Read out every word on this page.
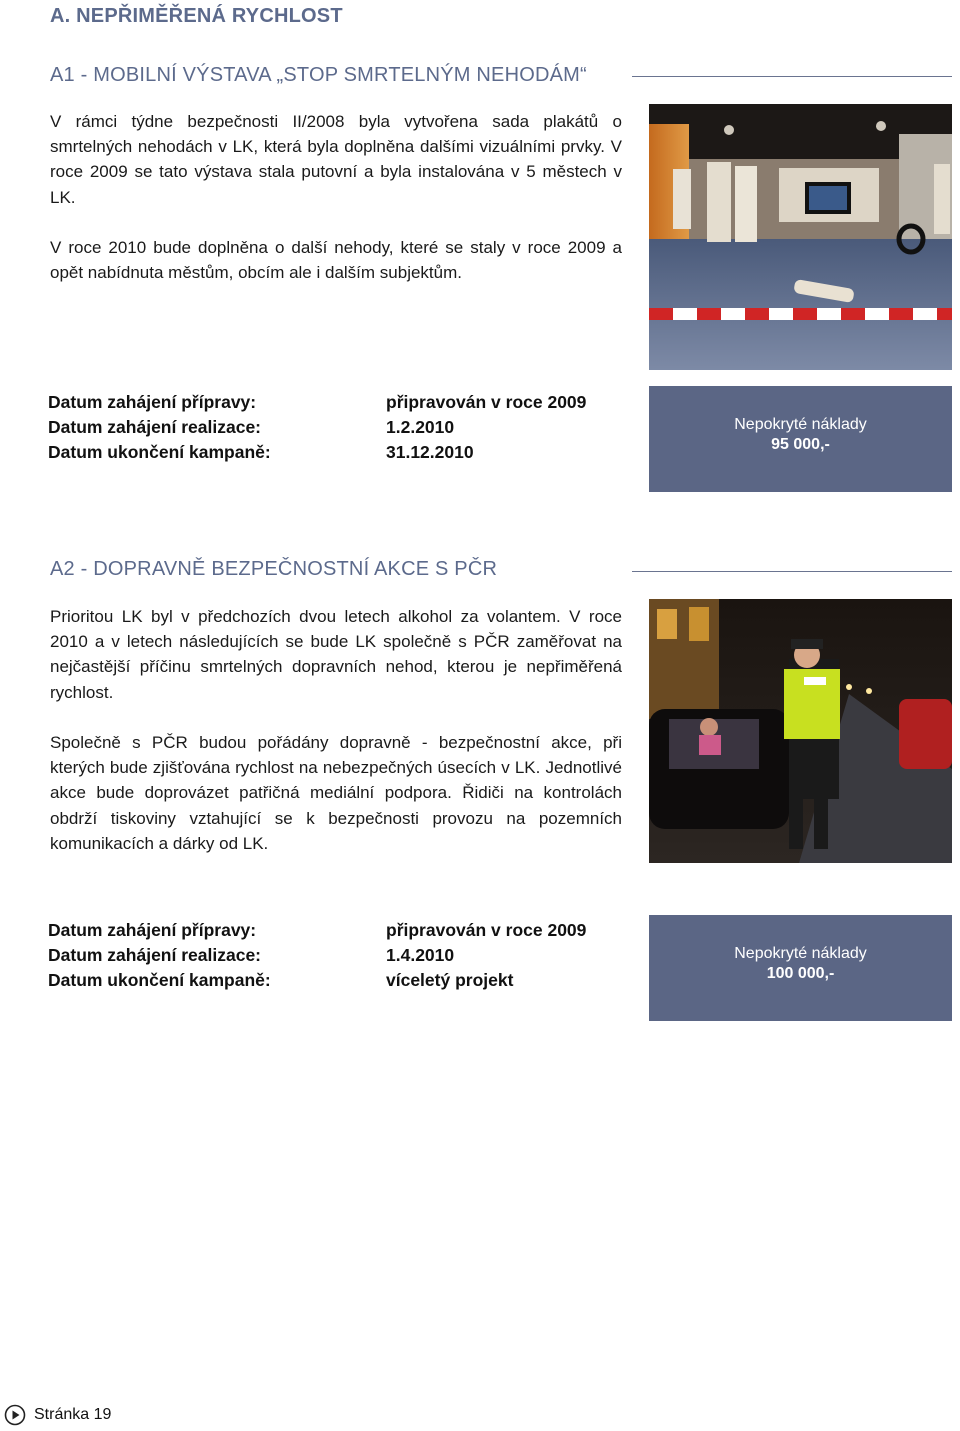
A. NEPŘIMĚŘENÁ RYCHLOST
A1 - MOBILNÍ VÝSTAVA „STOP SMRTELNÝM NEHODÁM“

V rámci týdne bezpečnosti II/2008 byla vytvořena sada plakátů o smrtelných nehodách v LK, která byla doplněna dalšími vizuálními prvky. V roce 2009 se tato výstava stala putovní a byla instalována v 5 městech v LK.

V roce 2010 bude doplněna o další nehody, které se staly v roce 2009 a opět nabídnuta městům, obcím ale i dalším subjektům.

Datum zahájení přípravy:	připravován v roce 2009
Datum zahájení realizace:	1.2.2010
Datum ukončení kampaně:	31.12.2010
Nepokryté náklady
95 000,-
A2 - DOPRAVNĚ BEZPEČNOSTNÍ AKCE S PČR

Prioritou LK byl v předchozích dvou letech alkohol za volantem. V roce 2010 a v letech následujících se bude LK společně s PČR zaměřovat na nejčastější příčinu smrtelných dopravních nehod, kterou je nepřiměřená rychlost.

Společně s PČR budou pořádány dopravně - bezpečnostní akce, při kterých bude zjišťována rychlost na nebezpečných úsecích v LK. Jednotlivé akce bude doprovázet patřičná mediální podpora. Řidiči na kontrolách obdrží tiskoviny vztahující se k bezpečnosti provozu na pozemních komunikacích a dárky od LK.

Datum zahájení přípravy:	připravován v roce 2009
Datum zahájení realizace:	1.4.2010
Datum ukončení kampaně:	víceletý projekt
Nepokryté náklady
100 000,-
Stránka 19
